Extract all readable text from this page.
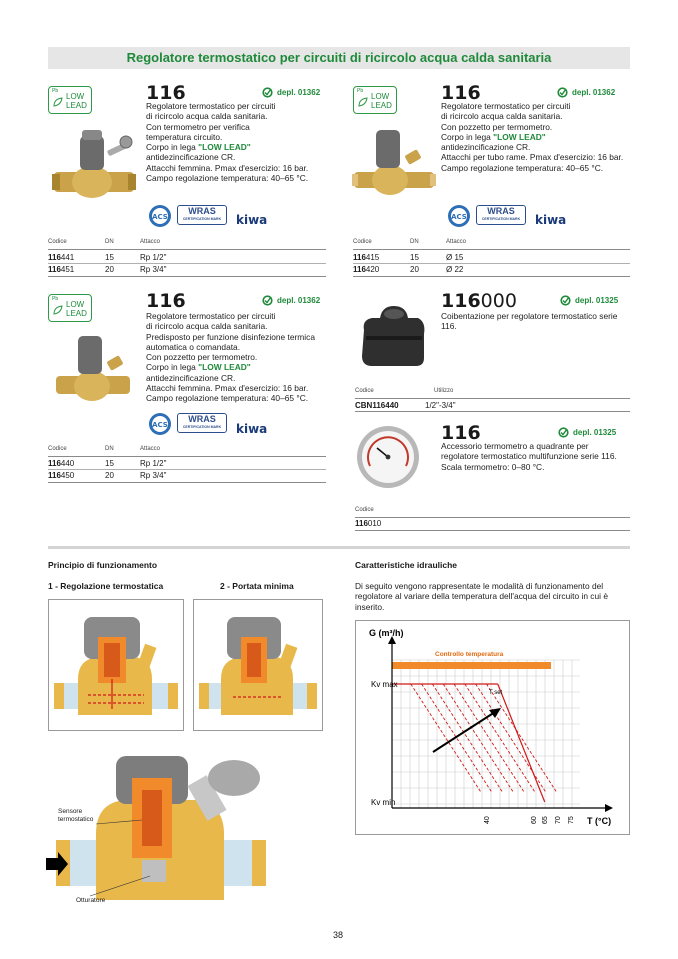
Regolatore termostatico per circuiti di ricircolo acqua calda sanitaria
Pb
LOW
LEAD
116	depl. 01362
Regolatore termostatico per circuiti
di ricircolo acqua calda sanitaria.
Con termometro per verifica
temperatura circuito.
Corpo in lega "LOW LEAD"
antidezincificazione CR.
Attacchi femmina. Pmax d'esercizio: 16 bar.
Campo regolazione temperatura: 40–65 °C.
ACS
WRAS
CERTIFICATION MARK	kiwa
Codice	DN	Attacco
116441	15	Rp 1/2"
116451	20	Rp 3/4"
Pb
LOW
LEAD
116	depl. 01362
Regolatore termostatico per circuiti
di ricircolo acqua calda sanitaria.
Con pozzetto per termometro.
Corpo in lega "LOW LEAD"
antidezincificazione CR.
Attacchi per tubo rame. Pmax d'esercizio: 16 bar.
Campo regolazione temperatura: 40–65 °C.
ACS
WRAS
CERTIFICATION MARK	kiwa
Codice	DN	Attacco
116415	15	Ø 15
116420	20	Ø 22
Pb
LOW
LEAD
116	depl. 01362
Regolatore termostatico per circuiti
di ricircolo acqua calda sanitaria.
Predisposto per funzione disinfezione termica
automatica o comandata.
Con pozzetto per termometro.
Corpo in lega "LOW LEAD"
antidezincificazione CR.
Attacchi femmina. Pmax d'esercizio: 16 bar.
Campo regolazione temperatura: 40–65 °C.
ACS
WRAS
CERTIFICATION MARK	kiwa
Codice	DN	Attacco
116440	15	Rp 1/2"
116450	20	Rp 3/4"
116000	depl. 01325
Coibentazione per regolatore termostatico serie
116.
Codice	Utilizzo
CBN116440	1/2"-3/4"
116	depl. 01325
Accessorio termometro a quadrante per
regolatore termostatico multifunzione serie 116.
Scala termometro: 0–80 °C.
Codice
116010
Principio di funzionamento
1 - Regolazione termostatica	2 - Portata minima
Sensore termostatico
Otturatore
Caratteristiche idrauliche
Di seguito vengono rappresentate le modalità di funzionamento del
regolatore al variare della temperatura dell'acqua del circuito in cui è
inserito.
Controllo temperatura
T set
G (m³/h)
T (°C)
Kv max
Kv min
40	60 65 70 75
38
